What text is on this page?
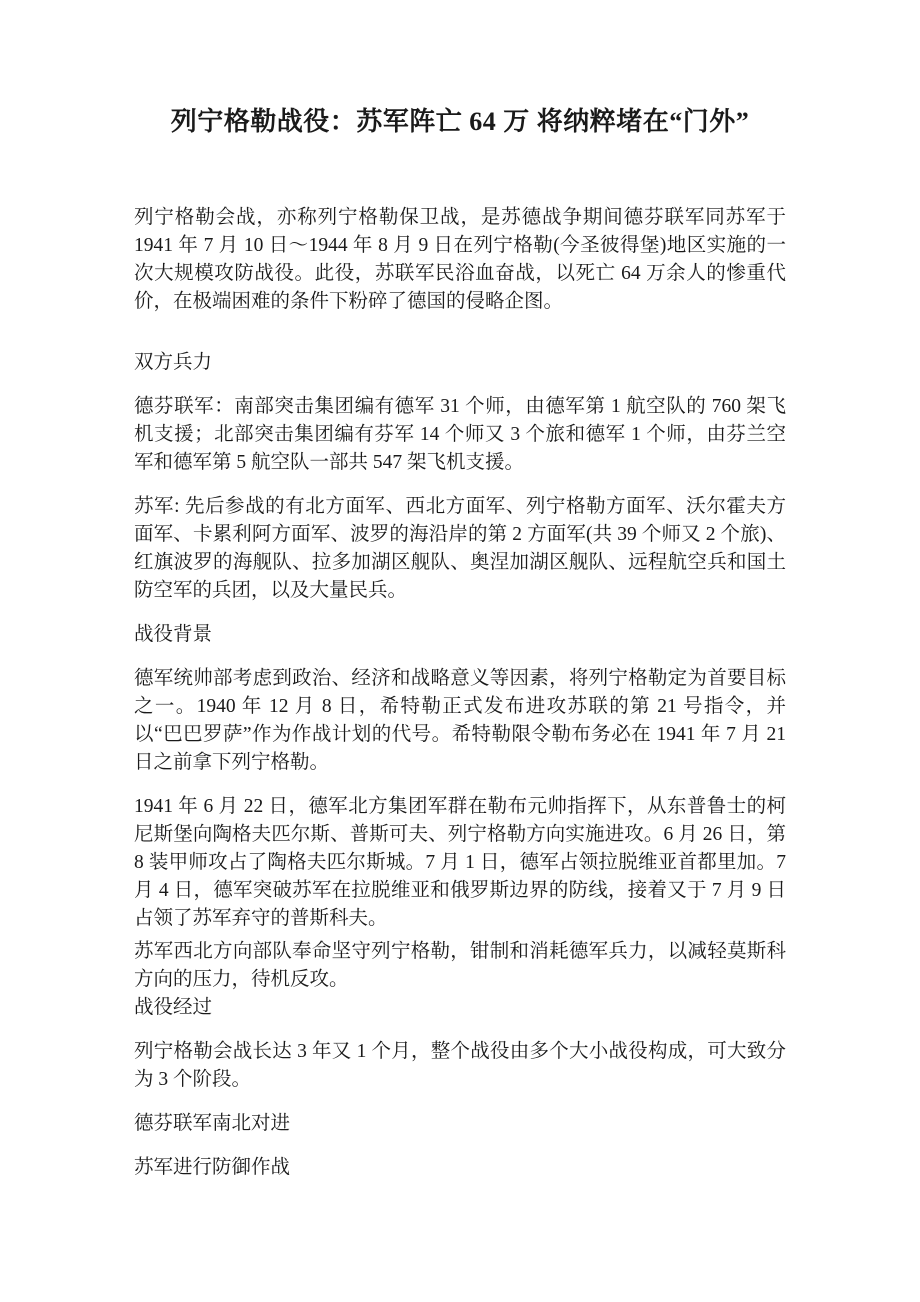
列宁格勒战役：苏军阵亡 64 万 将纳粹堵在“门外”

列宁格勒会战，亦称列宁格勒保卫战，是苏德战争期间德芬联军同苏军于 1941 年 7 月 10 日～1944 年 8 月 9 日在列宁格勒(今圣彼得堡)地区实施的一次大规模攻防战役。此役，苏联军民浴血奋战，以死亡 64 万余人的惨重代价，在极端困难的条件下粉碎了德国的侵略企图。

双方兵力

德芬联军：南部突击集团编有德军 31 个师，由德军第 1 航空队的 760 架飞机支援；北部突击集团编有芬军 14 个师又 3 个旅和德军 1 个师，由芬兰空军和德军第 5 航空队一部共 547 架飞机支援。

苏军: 先后参战的有北方面军、西北方面军、列宁格勒方面军、沃尔霍夫方面军、卡累利阿方面军、波罗的海沿岸的第 2 方面军(共 39 个师又 2 个旅)、红旗波罗的海舰队、拉多加湖区舰队、奥涅加湖区舰队、远程航空兵和国土防空军的兵团，以及大量民兵。

战役背景

德军统帅部考虑到政治、经济和战略意义等因素，将列宁格勒定为首要目标之一。1940 年 12 月 8 日，希特勒正式发布进攻苏联的第 21 号指令，并以“巴巴罗萨”作为作战计划的代号。希特勒限令勒布务必在 1941 年 7 月 21 日之前拿下列宁格勒。

1941 年 6 月 22 日，德军北方集团军群在勒布元帅指挥下，从东普鲁士的柯尼斯堡向陶格夫匹尔斯、普斯可夫、列宁格勒方向实施进攻。6 月 26 日，第 8 装甲师攻占了陶格夫匹尔斯城。7 月 1 日，德军占领拉脱维亚首都里加。7 月 4 日，德军突破苏军在拉脱维亚和俄罗斯边界的防线，接着又于 7 月 9 日占领了苏军弃守的普斯科夫。

苏军西北方向部队奉命坚守列宁格勒，钳制和消耗德军兵力，以减轻莫斯科方向的压力，待机反攻。

战役经过

列宁格勒会战长达 3 年又 1 个月，整个战役由多个大小战役构成，可大致分为 3 个阶段。

德芬联军南北对进

苏军进行防御作战
